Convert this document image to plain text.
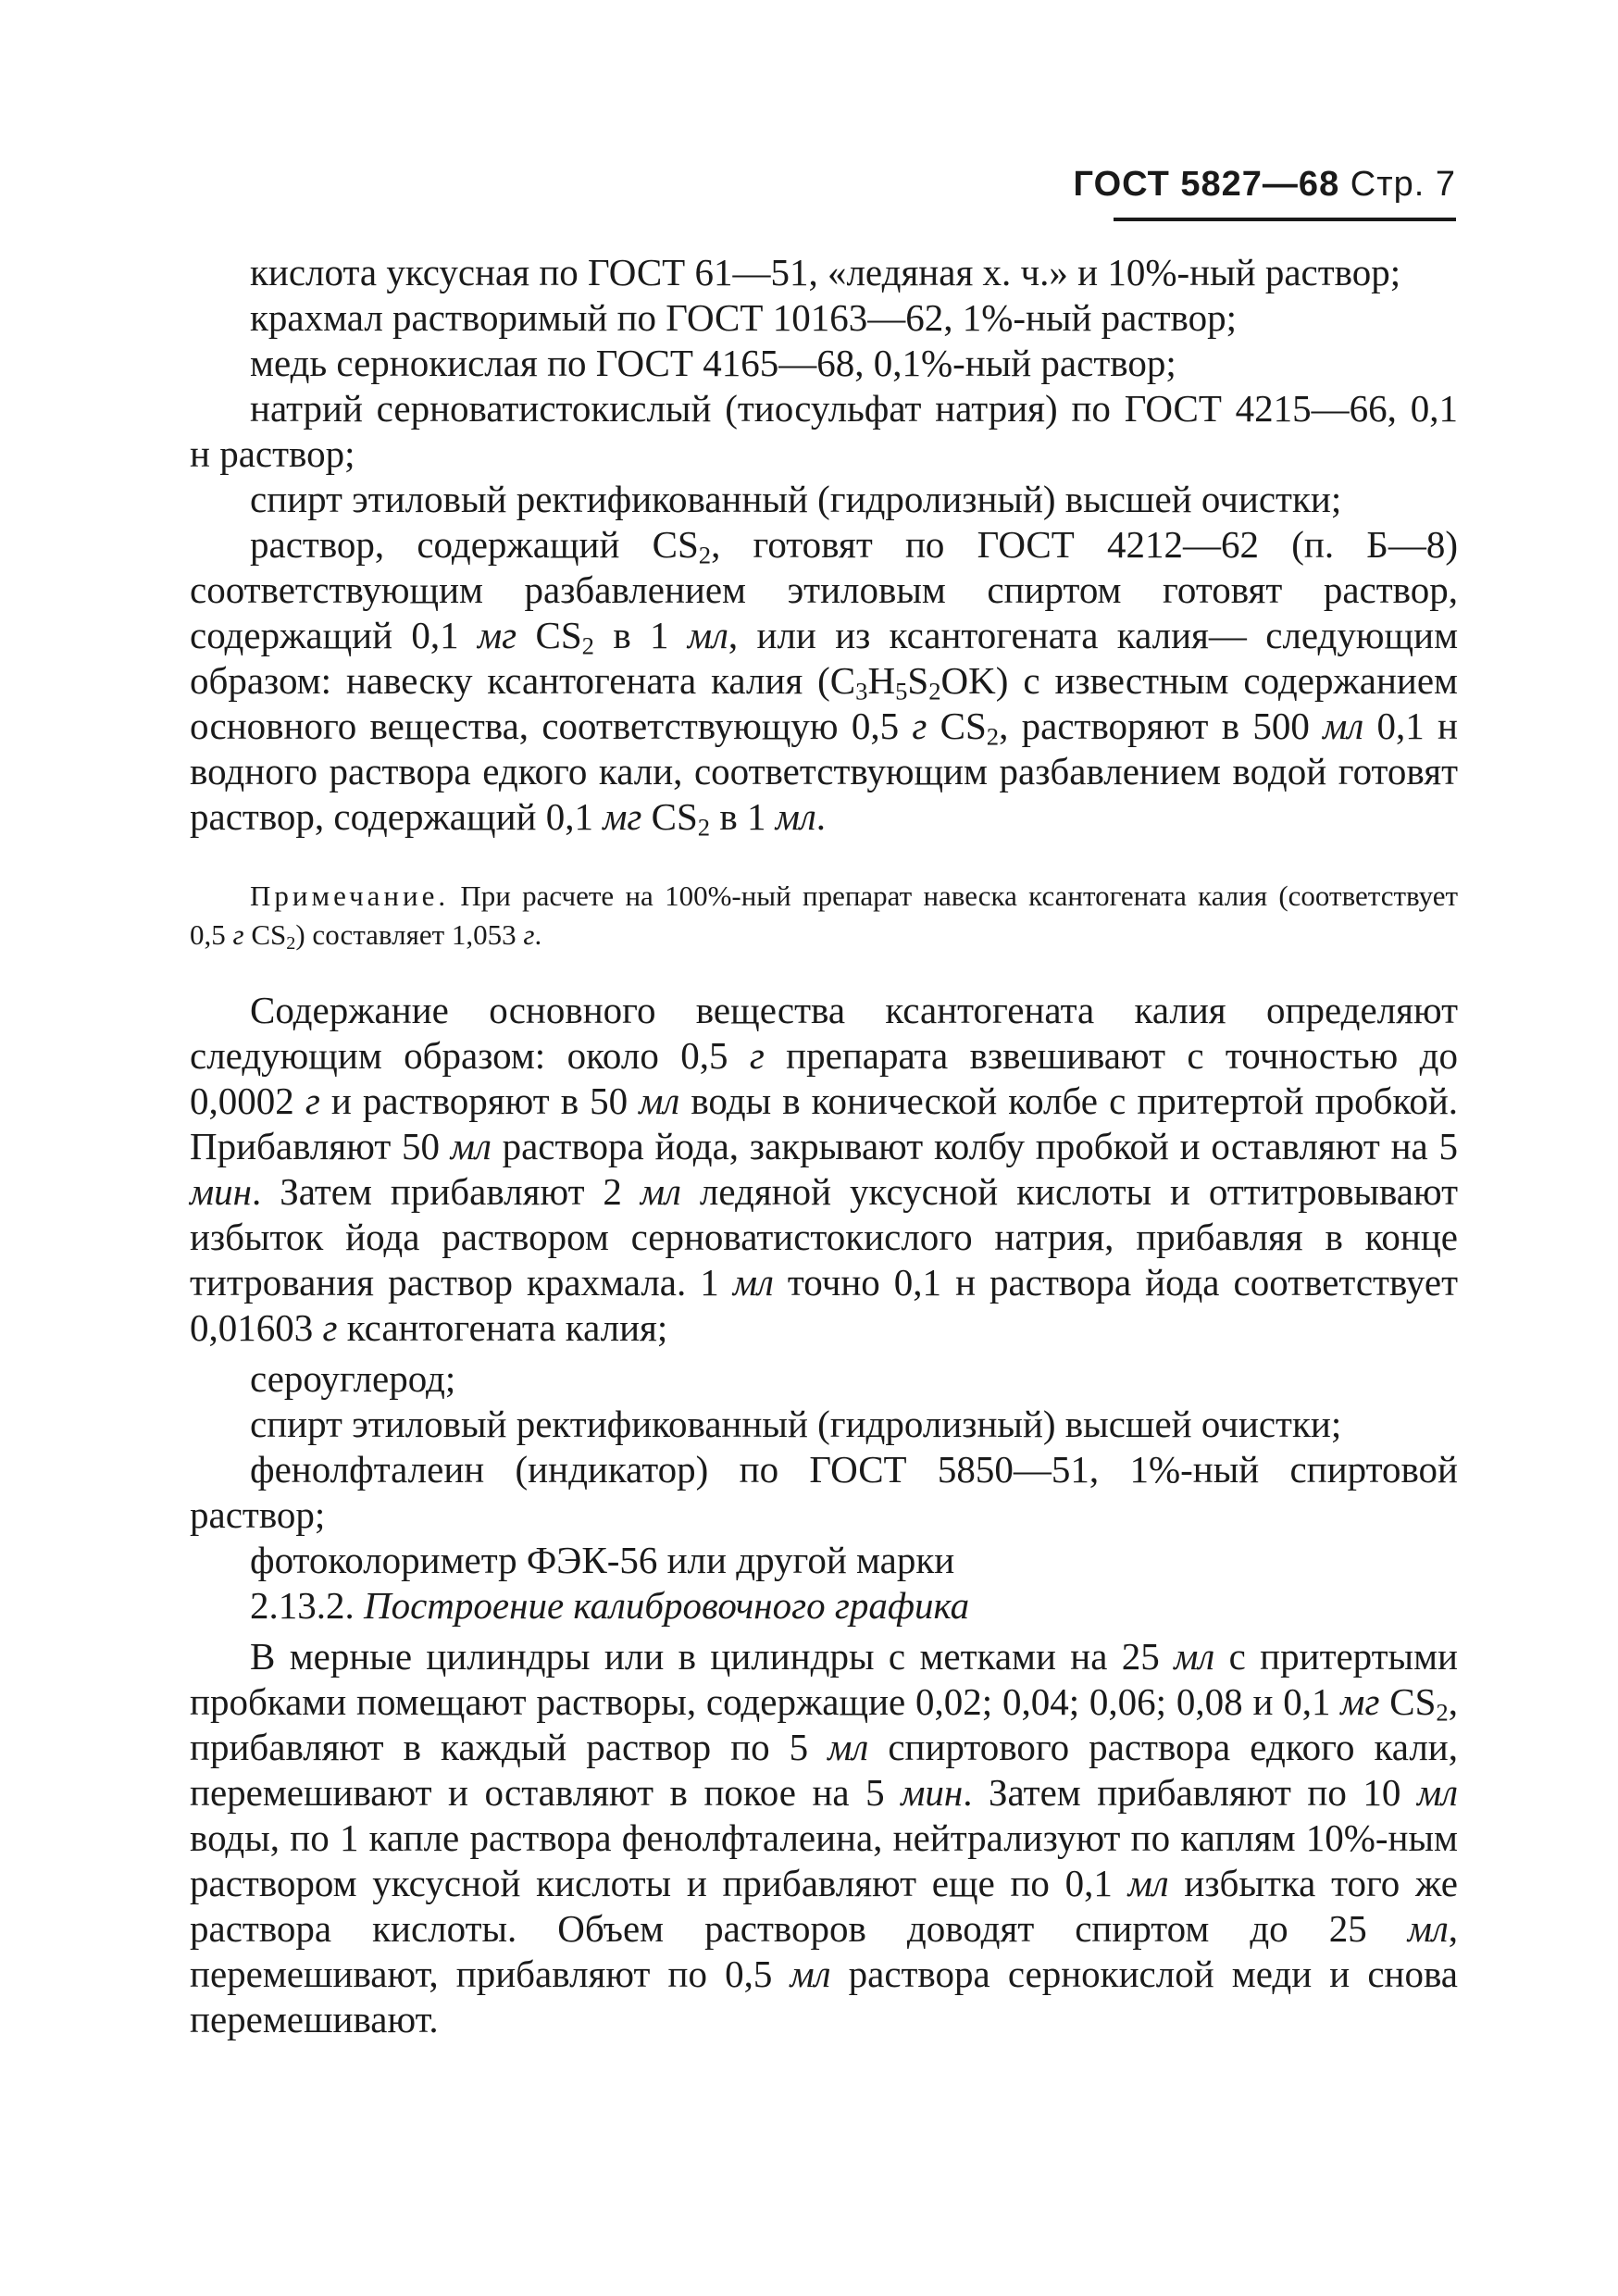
ГОСТ 5827—68 Стр. 7

кислота уксусная по ГОСТ 61—51, «ледяная х. ч.» и 10%-ный раствор;

крахмал растворимый по ГОСТ 10163—62, 1%-ный раствор;

медь сернокислая по ГОСТ 4165—68, 0,1%-ный раствор;

натрий серноватистокислый (тиосульфат натрия) по ГОСТ 4215—66, 0,1 н раствор;

спирт этиловый ректификованный (гидролизный) высшей очистки;

раствор, содержащий $CS_2$, готовят по ГОСТ 4212—62 (п. Б—8) соответствующим разбавлением этиловым спиртом готовят раствор, содержащий 0,1 мг $CS_2$ в 1 мл, или из ксантогената калия— следующим образом: навеску ксантогената калия $(C_3H_5S_2OK)$ с известным содержанием основного вещества, соответствующую 0,5 г $CS_2$, растворяют в 500 мл 0,1 н водного раствора едкого кали, соответствующим разбавлением водой готовят раствор, содержащий 0,1 мг $CS_2$ в 1 мл.

Примечание. При расчете на 100%-ный препарат навеска ксантогената калия (соответствует 0,5 г $CS_2$) составляет 1,053 г.

Содержание основного вещества ксантогената калия определяют следующим образом: около 0,5 г препарата взвешивают с точностью до 0,0002 г и растворяют в 50 мл воды в конической колбе с притертой пробкой. Прибавляют 50 мл раствора йода, закрывают колбу пробкой и оставляют на 5 мин. Затем прибавляют 2 мл ледяной уксусной кислоты и оттитровывают избыток йода раствором серноватистокислого натрия, прибавляя в конце титрования раствор крахмала. 1 мл точно 0,1 н раствора йода соответствует 0,01603 г ксантогената калия;

сероуглерод;

спирт этиловый ректификованный (гидролизный) высшей очистки;

фенолфталеин (индикатор) по ГОСТ 5850—51, 1%-ный спиртовой раствор;

фотоколориметр ФЭК-56 или другой марки

2.13.2. Построение калибровочного графика

В мерные цилиндры или в цилиндры с метками на 25 мл с притертыми пробками помещают растворы, содержащие 0,02; 0,04; 0,06; 0,08 и 0,1 мг $CS_2$, прибавляют в каждый раствор по 5 мл спиртового раствора едкого кали, перемешивают и оставляют в покое на 5 мин. Затем прибавляют по 10 мл воды, по 1 капле раствора фенолфталеина, нейтрализуют по каплям 10%-ным раствором уксусной кислоты и прибавляют еще по 0,1 мл избытка того же раствора кислоты. Объем растворов доводят спиртом до 25 мл, перемешивают, прибавляют по 0,5 мл раствора сернокислой меди и снова перемешивают.
